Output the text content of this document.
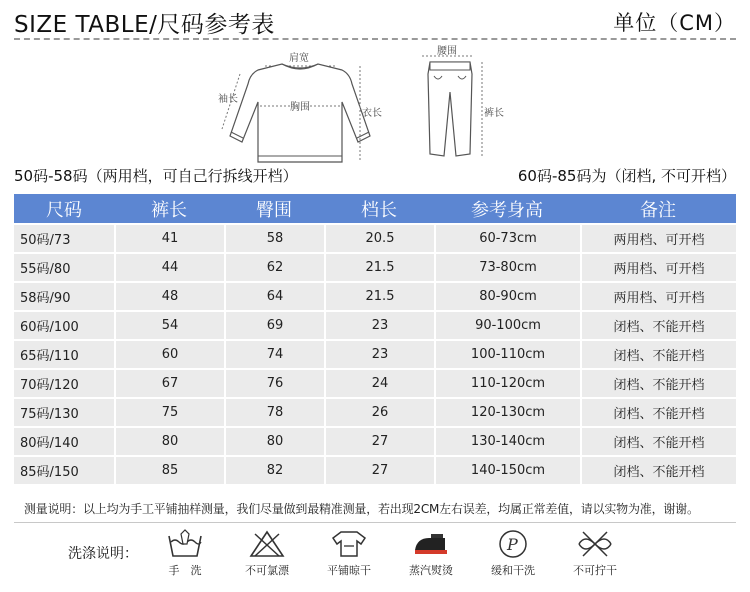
SIZE TABLE/尺码参考表	单位（CM）
肩宽
袖长
胸围
衣长
腰围
裤长
50码-58码（两用档，可自己行拆线开档）	60码-85码为（闭档, 不可开档）
尺码	裤长	臀围	档长	参考身高	备注
50码/73	41	58	20.5	60-73cm	两用档、可开档
55码/80	44	62	21.5	73-80cm	两用档、可开档
58码/90	48	64	21.5	80-90cm	两用档、可开档
60码/100	54	69	23	90-100cm	闭档、不能开档
65码/110	60	74	23	100-110cm	闭档、不能开档
70码/120	67	76	24	110-120cm	闭档、不能开档
75码/130	75	78	26	120-130cm	闭档、不能开档
80码/140	80	80	27	130-140cm	闭档、不能开档
85码/150	85	82	27	140-150cm	闭档、不能开档
测量说明：以上均为手工平铺抽样测量，我们尽量做到最精准测量，若出现2CM左右误差，均属正常差值，请以实物为准，谢谢。
洗涤说明：
手　洗	不可氯漂	平铺晾干	蒸汽熨烫
P
缓和干洗	不可拧干
